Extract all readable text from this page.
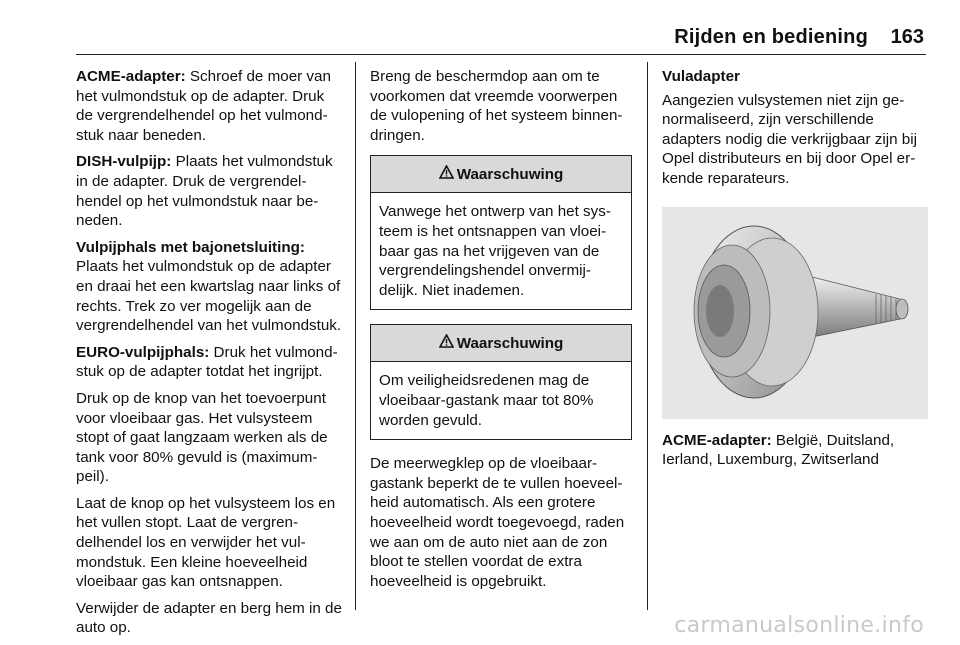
Rijden en bediening 163

ACME-adapter: Schroef de moer van het vulmondstuk op de adapter. Druk de vergrendelhendel op het vulmondstuk naar beneden.

DISH-vulpijp: Plaats het vulmondstuk in de adapter. Druk de vergrendelhendel op het vulmondstuk naar beneden.

Vulpijphals met bajonetsluiting:
Plaats het vulmondstuk op de adapter en draai het een kwartslag naar links of rechts. Trek zo ver mogelijk aan de vergrendelhendel van het vulmondstuk.

EURO-vulpijphals: Druk het vulmondstuk op de adapter totdat het ingrijpt.

Druk op de knop van het toevoerpunt voor vloeibaar gas. Het vulsysteem stopt of gaat langzaam werken als de tank voor 80% gevuld is (maximumpeil).

Laat de knop op het vulsysteem los en het vullen stopt. Laat de vergrendelhendel los en verwijder het vulmondstuk. Een kleine hoeveelheid vloeibaar gas kan ontsnappen.

Verwijder de adapter en berg hem in de auto op.

Breng de beschermdop aan om te voorkomen dat vreemde voorwerpen de vulopening of het systeem binnendringen.

Waarschuwing
Vanwege het ontwerp van het systeem is het ontsnappen van vloeibaar gas na het vrijgeven van de vergrendelingshendel onvermijdelijk. Niet inademen.
Waarschuwing
Om veiligheidsredenen mag de vloeibaar-gastank maar tot 80% worden gevuld.

De meerwegklep op de vloeibaar-gastank beperkt de te vullen hoeveelheid automatisch. Als een grotere hoeveelheid wordt toegevoegd, raden we aan om de auto niet aan de zon bloot te stellen voordat de extra hoeveelheid is opgebruikt.

Vuladapter

Aangezien vulsystemen niet zijn genormaliseerd, zijn verschillende adapters nodig die verkrijgbaar zijn bij Opel distributeurs en bij door Opel erkende reparateurs.

ACME-adapter: België, Duitsland, Ierland, Luxemburg, Zwitserland

carmanualsonline.info
